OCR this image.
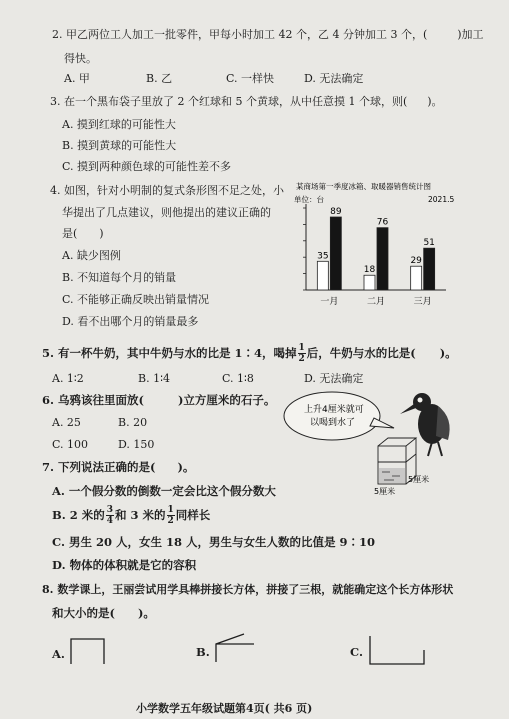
2. 甲乙两位工人加工一批零件，甲每小时加工 42 个，乙 4 分钟加工 3 个，(	)加工
得快。
A. 甲	B. 乙	C. 一样快	D. 无法确定
3. 在一个黑布袋子里放了 2 个红球和 5 个黄球，从中任意摸 1 个球，则( )。
A. 摸到红球的可能性大
B. 摸到黄球的可能性大
C. 摸到两种颜色球的可能性差不多
4. 如图，针对小明制的复式条形图不足之处，小
华提出了几点建议，则他提出的建议正确的
是(　　)
A. 缺少图例
B. 不知道每个月的销量
C. 不能够正确反映出销量情况
D. 看不出哪个月的销量最多
某商场第一季度冰箱、取暖器销售统计图
单位：台	2021.5
35
89
一月
18
76
二月
29
51
三月
5. 有一杯牛奶，其中牛奶与水的比是 1∶4，喝掉 $\frac{1}{2}$ 后，牛奶与水的比是( )。
A. 1∶2	B. 1∶4	C. 1∶8	D. 无法确定
6. 乌鸦该往里面放(	)立方厘米的石子。
A. 25	B. 20
C. 100	D. 150
上升4厘米就可
以喝到水了
5厘米
5厘米
7. 下列说法正确的是( )。
A. 一个假分数的倒数一定会比这个假分数大
B. 2 米的 $\frac{3}{4}$ 和 3 米的 $\frac{1}{2}$ 同样长
C. 男生 20 人，女生 18 人，男生与女生人数的比值是 9∶10
D. 物体的体积就是它的容积
8. 数学课上，王丽尝试用学具棒拼接长方体，拼接了三根，就能确定这个长方体形状
和大小的是(　　)。
A.	B.	C.
小学数学五年级试题第4页( 共6 页)
